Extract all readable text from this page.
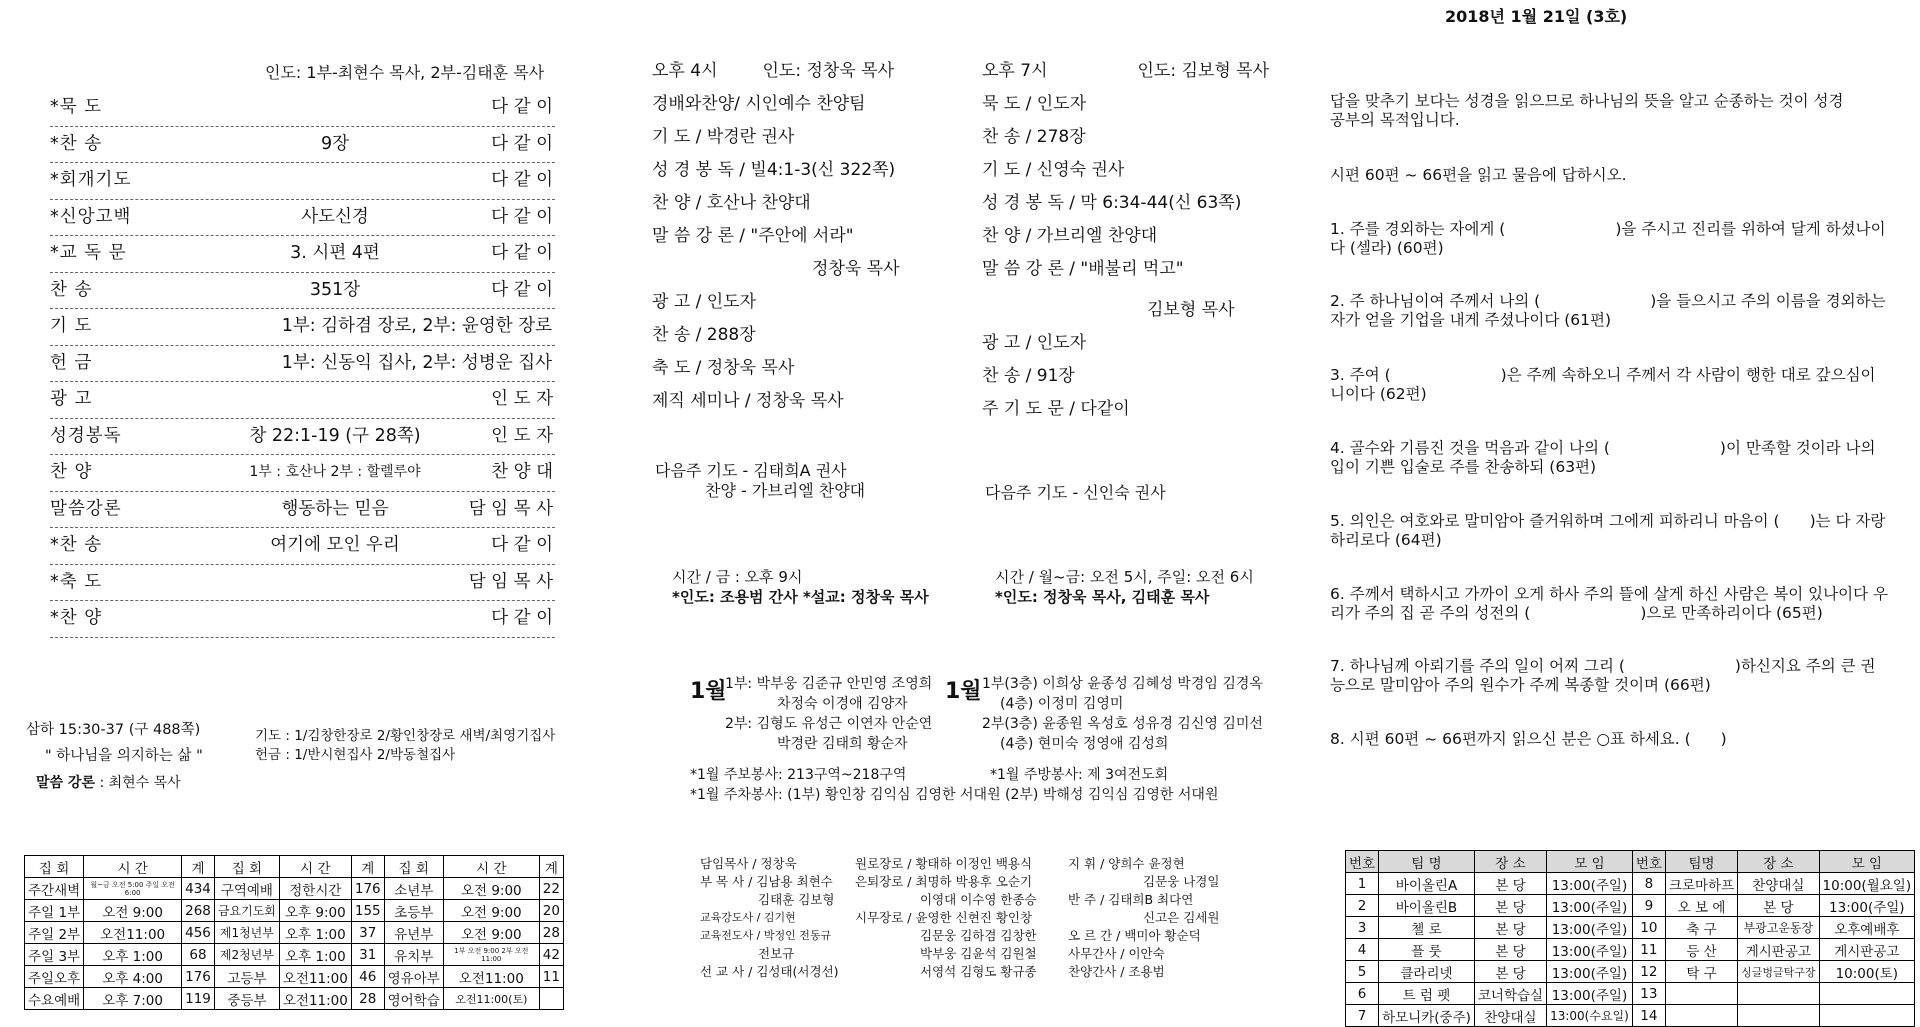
2018년 1월 21일 (3호)
인도: 1부-최현수 목사, 2부-김태훈 목사
*묵 도	다 같 이
*찬 송	9장	다 같 이
*회개기도	다 같 이
*신앙고백	사도신경	다 같 이
*교 독 문	3. 시편 4편	다 같 이
찬 송	351장	다 같 이
기 도	1부: 김하겸 장로, 2부: 윤영한 장로
헌 금	1부: 신동익 집사, 2부: 성병운 집사
광 고	인 도 자
성경봉독	창 22:1-19 (구 28쪽)	인 도 자
찬 양	1부 : 호산나 2부 : 할렐루야	찬 양 대
말씀강론	행동하는 믿음	담 임 목 사
*찬 송	여기에 모인 우리	다 같 이
*축 도	담 임 목 사
*찬 양	다 같 이
삼하 15:30-37 (구 488쪽)
" 하나님을 의지하는 삶 "
말씀 강론 : 최현수 목사
기도 : 1/김창한장로 2/황인창장로 새벽/최영기집사
헌금 : 1/반시현집사 2/박동철집사
집 회	시 간	계	집 회	시 간	계	집 회	시 간	계
주간새벽	월~금 오전 5:00 주일 오전 6:00	434	구역예배	정한시간	176	소년부	오전 9:00	22
주일 1부	오전 9:00	268	금요기도회	오후 9:00	155	초등부	오전 9:00	20
주일 2부	오전11:00	456	제1청년부	오후 1:00	37	유년부	오전 9:00	28
주일 3부	오후 1:00	68	제2청년부	오후 1:00	31	유치부	1부 오전 9:00 2부 오전 11:00	42
주일오후	오후 4:00	176	고등부	오전11:00	46	영유아부	오전11:00	11
수요예배	오후 7:00	119	중등부	오전11:00	28	영어학습	오전11:00(토)	
오후 4시	인도: 정창욱 목사
경배와찬양/ 시인예수 찬양팀
기 도 / 박경란 권사
성 경 봉 독 / 빌4:1-3(신 322쪽)
찬 양 / 호산나 찬양대
말 씀 강 론 / "주안에 서라"
정창욱 목사
광 고 / 인도자
찬 송 / 288장
축 도 / 정창욱 목사
제직 세미나 / 정창욱 목사
다음주 기도 - 김태희A 권사
찬양 - 가브리엘 찬양대
시간 / 금 : 오후 9시
*인도: 조용범 간사 *설교: 정창욱 목사
오후 7시	인도: 김보형 목사
묵 도 / 인도자
찬 송 / 278장
기 도 / 신영숙 권사
성 경 봉 독 / 막 6:34-44(신 63쪽)
찬 양 / 가브리엘 찬양대
말 씀 강 론 / "배불리 먹고"
김보형 목사
광 고 / 인도자
찬 송 / 91장
주 기 도 문 / 다같이
다음주 기도 - 신인숙 권사
시간 / 월~금: 오전 5시, 주일: 오전 6시
*인도: 정창욱 목사, 김태훈 목사
1월
1부: 박부웅 김준규 안민영 조영희
차정숙 이경애 김양자
2부: 김형도 유성근 이연자 안순연
박경란 김태희 황순자
1월 1부(3층) 이희상 윤종성 김혜성 박경임 김경옥
(4층) 이정미 김영미
2부(3층) 윤종원 옥성호 성유경 김신영 김미선
(4층) 현미숙 정영애 김성희
*1월 주보봉사: 213구역~218구역	*1월 주방봉사: 제 3여전도회
*1월 주차봉사: (1부) 황인창 김익심 김영한 서대원 (2부) 박해성 김익심 김영한 서대원
담임목사 / 정창욱
부 목 사 / 김남용 최현수
김태훈 김보형
교육강도사 / 김기현
교육전도사 / 박정인 전동규
전보규
선 교 사 / 김성태(서경선)
원로장로 / 황태하 이정인 백용식
은퇴장로 / 최명하 박용후 오순기
이영대 이수영 한종승
시무장로 / 윤영한 신현진 황인창
김문웅 김하겸 김창한
박부웅 김윤석 김원철
서영석 김형도 황규종
지 휘 / 양희수 윤정현
김문웅 나경일
반 주 / 김태희B 최다연
신고은 김세원
오 르 간 / 백미아 황순덕
사무간사 / 이안숙
찬양간사 / 조용범

답을 맞추기 보다는 성경을 읽으므로 하나님의 뜻을 알고 순종하는 것이 성경공부의 목적입니다.

시편 60편 ~ 66편을 읽고 물음에 답하시오.

1. 주를 경외하는 자에게 (	)을 주시고 진리를 위하여 달게 하셨나이다 (셀라) (60편)

2. 주 하나님이여 주께서 나의 (	)을 들으시고 주의 이름을 경외하는 자가 얻을 기업을 내게 주셨나이다 (61편)

3. 주여 (	)은 주께 속하오니 주께서 각 사람이 행한 대로 갚으심이니이다 (62편)

4. 골수와 기름진 것을 먹음과 같이 나의 (	)이 만족할 것이라 나의 입이 기쁜 입술로 주를 찬송하되 (63편)

5. 의인은 여호와로 말미암아 즐거워하며 그에게 피하리니 마음이 ( )는 다 자랑하리로다 (64편)

6. 주께서 택하시고 가까이 오게 하사 주의 뜰에 살게 하신 사람은 복이 있나이다 우리가 주의 집 곧 주의 성전의 (	)으로 만족하리이다 (65편)

7. 하나님께 아뢰기를 주의 일이 어찌 그리 (	)하신지요 주의 큰 권능으로 말미암아 주의 원수가 주께 복종할 것이며 (66편)

8. 시편 60편 ~ 66편까지 읽으신 분은 ○표 하세요. ( )

번호	팀 명	장 소	모 임	번호	팀명	장 소	모 임
1	바이올린A	본 당	13:00(주일)	8	크로마하프	찬양대실	10:00(월요일)
2	바이올린B	본 당	13:00(주일)	9	오 보 에	본 당	13:00(주일)
3	첼 로	본 당	13:00(주일)	10	축 구	부광고운동장	오후예배후
4	플 룻	본 당	13:00(주일)	11	등 산	게시판공고	게시판공고
5	클라리넷	본 당	13:00(주일)	12	탁 구	싱글벙글탁구장	10:00(토)
6	트 럼 펫	코너학습실	13:00(주일)	13			
7	하모니카(중주)	찬양대실	13:00(수요일)	14			
